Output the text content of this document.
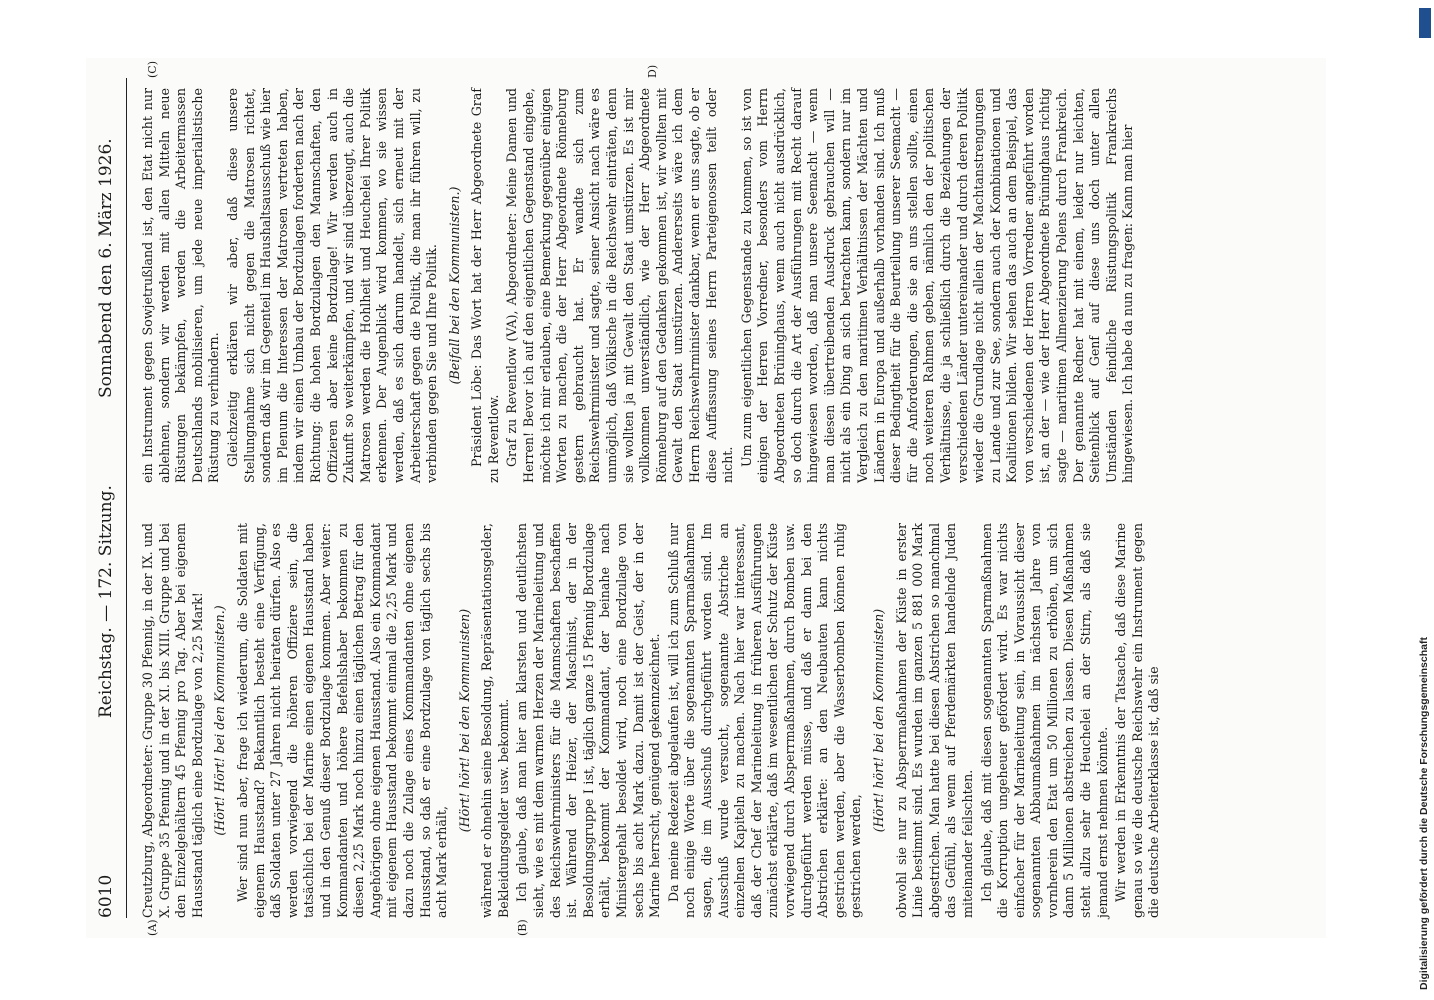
6010
Reichstag. — 172. Sitzung.
Sonnabend den 6. März 1926.
(A)	(B)
(C)	D)

Creutzburg, Abgeordneter: Gruppe 30 Pfennig, in der IX. und X. Gruppe 35 Pfennig und in der XI. bis XIII. Gruppe und bei den Einzelgehältern 45 Pfennig pro Tag. Aber bei eigenem Hausstand täglich eine Bordzulage von 2,25 Mark! (Hört! Hört! bei den Kommunisten.) Wer sind nun aber, frage ich wiederum, die Soldaten mit eigenem Hausstand? Bekanntlich besteht eine Verfügung, daß Soldaten unter 27 Jahren nicht heiraten dürfen. Also es werden vorwiegend die höheren Offiziere sein, die tatsächlich bei der Marine einen eigenen Hausstand haben und in den Genuß dieser Bordzulage kommen. Aber weiter: Kommandanten und höhere Befehlshaber bekommen zu diesen 2,25 Mark noch hinzu einen täglichen Betrag für den Angehörigen ohne eigenen Hausstand. Also ein Kommandant mit eigenem Hausstand bekommt einmal die 2,25 Mark und dazu noch die Zulage eines Kommandanten ohne eigenen Hausstand, so daß er eine Bordzulage von täglich sechs bis acht Mark erhält,

(Hört! hört! bei den Kommunisten) während er ohnehin seine Besoldung, Repräsentationsgelder, Bekleidungsgelder usw. bekommt. Ich glaube, daß man hier am klarsten und deutlichsten sieht, wie es mit dem warmen Herzen der Marineleitung und des Reichswehrministers für die Mannschaften beschaffen ist. Während der Heizer, der Maschinist, der in der Besoldungsgruppe I ist, täglich ganze 15 Pfennig Bordzulage erhält, bekommt der Kommandant, der beinahe nach Ministergehalt besoldet wird, noch eine Bordzulage von sechs bis acht Mark dazu. Damit ist der Geist, der in der Marine herrscht, genügend gekennzeichnet. Da meine Redezeit abgelaufen ist, will ich zum Schluß nur noch einige Worte über die sogenannten Sparmaßnahmen sagen, die im Ausschuß durchgeführt worden sind. Im Ausschuß wurde versucht, sogenannte Abstriche an einzelnen Kapiteln zu machen. Nach hier war interessant, daß der Chef der Marineleitung in früheren Ausführungen zunächst erklärte, daß im wesentlichen der Schutz der Küste vorwiegend durch Absperrmaßnahmen, durch Bomben usw. durchgeführt werden müsse, und daß er dann bei den Abstrichen erklärte: an den Neubauten kann nichts gestrichen werden, aber die Wasserbomben können ruhig gestrichen werden,

(Hört! hört! bei den Kommunisten) obwohl sie nur zu Absperrmaßnahmen der Küste in erster Linie bestimmt sind. Es wurden im ganzen 5 881 000 Mark abgestrichen. Man hatte bei diesen Abstrichen so manchmal das Gefühl, als wenn auf Pferdemärkten handelnde Juden miteinander feilschten. Ich glaube, daß mit diesen sogenannten Sparmaßnahmen die Korruption ungeheuer gefördert wird. Es war nichts einfacher für der Marineleitung sein, in Voraussicht dieser sogenannten Abbaumaßnahmen im nächsten Jahre von vornherein den Etat um 50 Millionen zu erhöhen, um sich dann 5 Millionen abstreichen zu lassen. Diesen Maßnahmen steht allzu sehr die Heuchelei an der Stirn, als daß sie jemand ernst nehmen könnte. Wir werden in Erkenntnis der Tatsache, daß diese Marine genau so wie die deutsche Reichswehr ein Instrument gegen die deutsche Arbeiterklasse ist, daß sie

ein Instrument gegen Sowjetrußland ist, den Etat nicht nur ablehnen, sondern wir werden mit allen Mitteln neue Rüstungen bekämpfen, werden die Arbeitermassen Deutschlands mobilisieren, um jede neue imperialistische Rüstung zu verhindern. Gleichzeitig erklären wir aber, daß diese unsere Stellungnahme sich nicht gegen die Matrosen richtet, sondern daß wir im Gegenteil im Haushaltsausschuß wie hier im Plenum die Interessen der Matrosen vertreten haben, indem wir einen Umbau der Bordzulagen forderten nach der Richtung: die hohen Bordzulagen den Mannschaften, den Offizieren aber keine Bordzulage! Wir werden auch in Zukunft so weiterkämpfen, und wir sind überzeugt, auch die Matrosen werden die Hohlheit und Heuchelei Ihrer Politik erkennen. Der Augenblick wird kommen, wo sie wissen werden, daß es sich darum handelt, sich erneut mit der Arbeiterschaft gegen die Politik, die man ihr führen will, zu verbinden gegen Sie und Ihre Politik. (Beifall bei den Kommunisten.) Präsident Löbe: Das Wort hat der Herr Abgeordnete Graf zu Reventlow. Graf zu Reventlow (VA), Abgeordneter: Meine Damen und Herren! Bevor ich auf den eigentlichen Gegenstand eingehe, möchte ich mir erlauben, eine Bemerkung gegenüber einigen Worten zu machen, die der Herr Abgeordnete Rönneburg gestern gebraucht hat. Er wandte sich zum Reichswehrminister und sagte, seiner Ansicht nach wäre es unmöglich, daß Völkische in die Reichswehr einträten, denn sie wollten ja mit Gewalt den Staat umstürzen. Es ist mir vollkommen unverständlich, wie der Herr Abgeordnete Rönneburg auf den Gedanken gekommen ist, wir wollten mit Gewalt den Staat umstürzen. Andererseits wäre ich dem Herrn Reichswehrminister dankbar, wenn er uns sagte, ob er diese Auffassung seines Herrn Parteigenossen teilt oder nicht. Um zum eigentlichen Gegenstande zu kommen, so ist von einigen der Herren Vorredner, besonders vom Herrn Abgeordneten Brüninghaus, wenn auch nicht ausdrücklich, so doch durch die Art der Ausführungen mit Recht darauf hingewiesen worden, daß man unsere Seemacht — wenn man diesen übertreibenden Ausdruck gebrauchen will — nicht als ein Ding an sich betrachten kann, sondern nur im Vergleich zu den maritimen Verhältnissen der Mächten und Ländern in Europa und außerhalb vorhanden sind. Ich muß dieser Bedingtheit für die Beurteilung unserer Seemacht — für die Anforderungen, die sie an uns stellen sollte, einen noch weiteren Rahmen geben, nämlich den der politischen Verhältnisse, die ja schließlich durch die Beziehungen der verschiedenen Länder untereinander und durch deren Politik wieder die Grundlage nicht allein der Machtanstrengungen zu Lande und zur See, sondern auch der Kombinationen und Koalitionen bilden. Wir sehen das auch an dem Beispiel, das von verschiedenen der Herren Vorredner angeführt worden ist, an der — wie der Herr Abgeordnete Brüninghaus richtig sagte — maritimen Allmenzierung Polens durch Frankreich. Der genannte Redner hat mit einem, leider nur leichten, Seitenblick auf Genf auf diese uns doch unter allen Umständen feindliche Rüstungspolitik Frankreichs hingewiesen. Ich habe da nun zu fragen: Kann man hier

Digitalisierung gefördert durch die Deutsche Forschungsgemeinschaft
